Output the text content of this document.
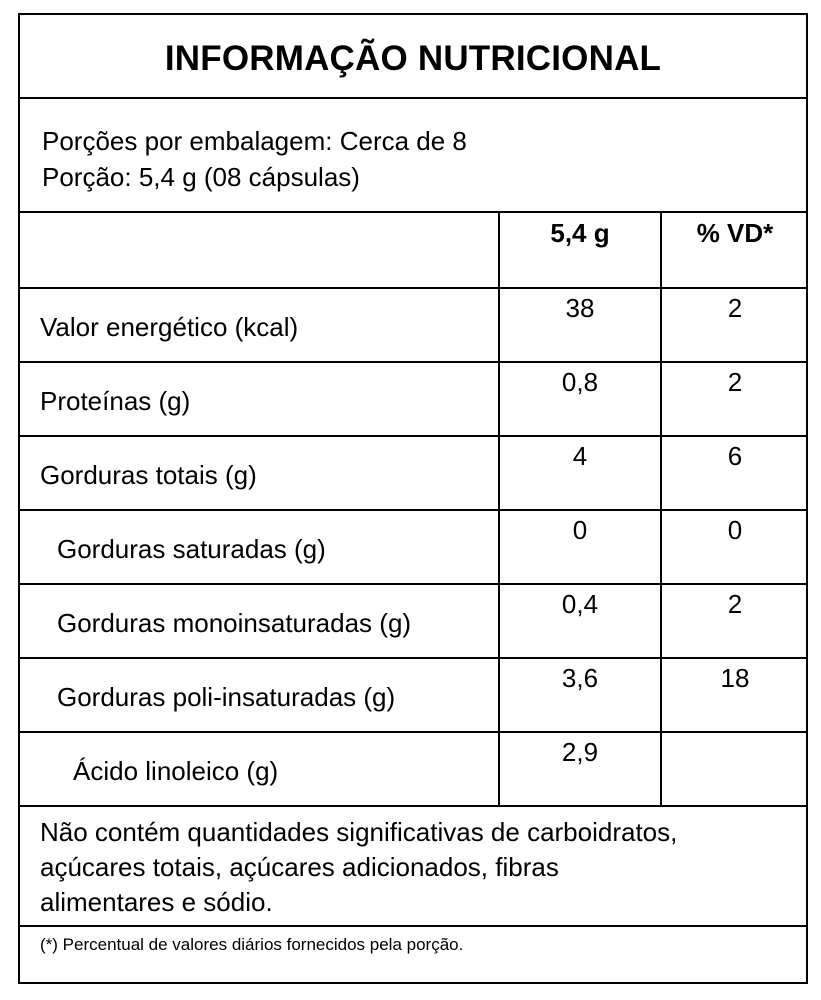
INFORMAÇÃO NUTRICIONAL
Porções por embalagem: Cerca de 8
Porção: 5,4 g (08 cápsulas)
5,4 g	% VD*
Valor energético (kcal)
38	2
Proteínas (g)
0,8	2
Gorduras totais (g)
4	6
Gorduras saturadas (g)
0	0
Gorduras monoinsaturadas (g)
0,4	2
Gorduras poli-insaturadas (g)
3,6	18
Ácido linoleico (g)
2,9
Não contém quantidades significativas de carboidratos,
açúcares totais, açúcares adicionados, fibras
alimentares e sódio.
(*) Percentual de valores diários fornecidos pela porção.
